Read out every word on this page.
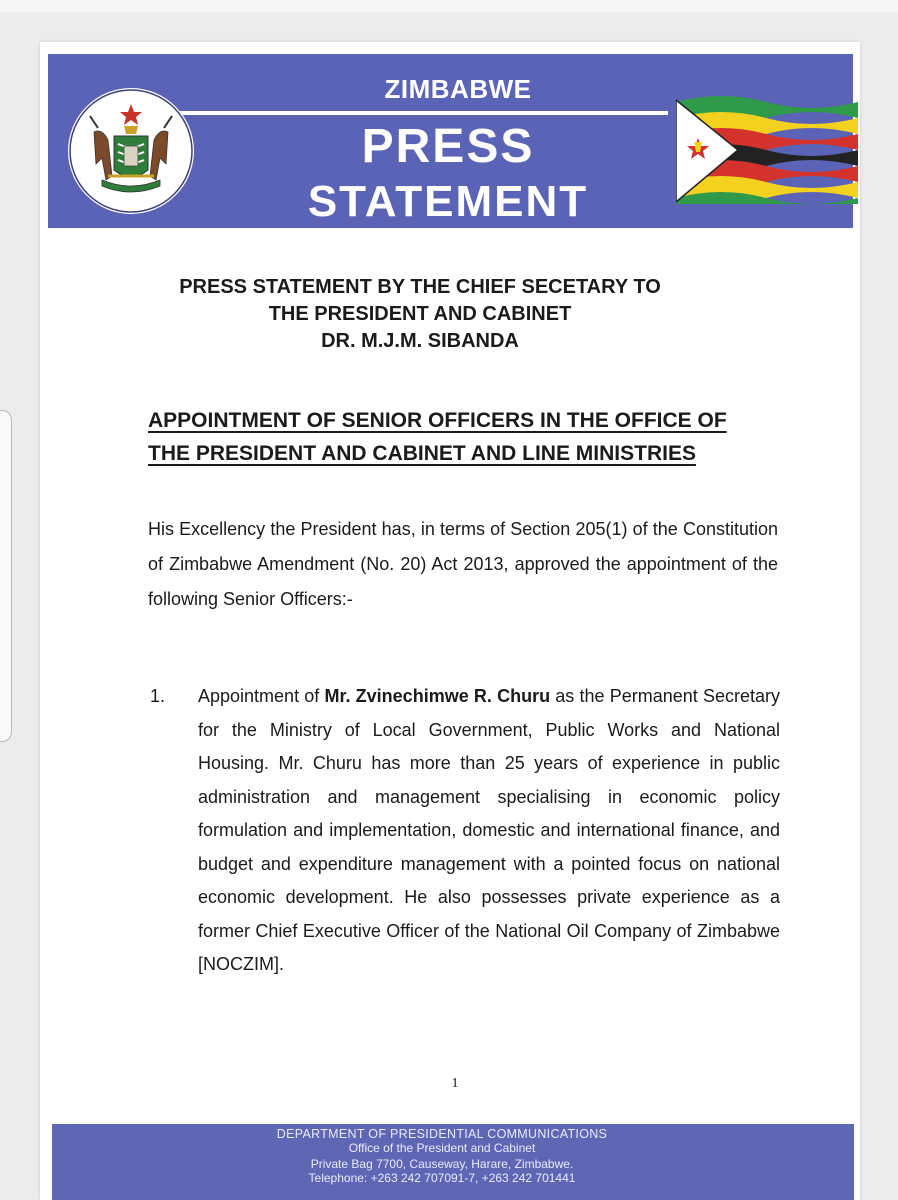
ZIMBABWE
PRESS
STATEMENT
PRESS STATEMENT BY THE CHIEF SECETARY TO
THE PRESIDENT AND CABINET
DR. M.J.M. SIBANDA
APPOINTMENT OF SENIOR OFFICERS IN THE OFFICE OF
THE PRESIDENT AND CABINET AND LINE MINISTRIES
His Excellency the President has, in terms of Section 205(1) of the Constitution of Zimbabwe Amendment (No. 20) Act 2013, approved the appointment of the following Senior Officers:-
1. Appointment of Mr. Zvinechimwe R. Churu as the Permanent Secretary for the Ministry of Local Government, Public Works and National Housing. Mr. Churu has more than 25 years of experience in public administration and management specialising in economic policy formulation and implementation, domestic and international finance, and budget and expenditure management with a pointed focus on national economic development. He also possesses private experience as a former Chief Executive Officer of the National Oil Company of Zimbabwe [NOCZIM].
1
DEPARTMENT OF PRESIDENTIAL COMMUNICATIONS
Office of the President and Cabinet
Private Bag 7700, Causeway, Harare, Zimbabwe.
Telephone: +263 242 707091-7, +263 242 701441
